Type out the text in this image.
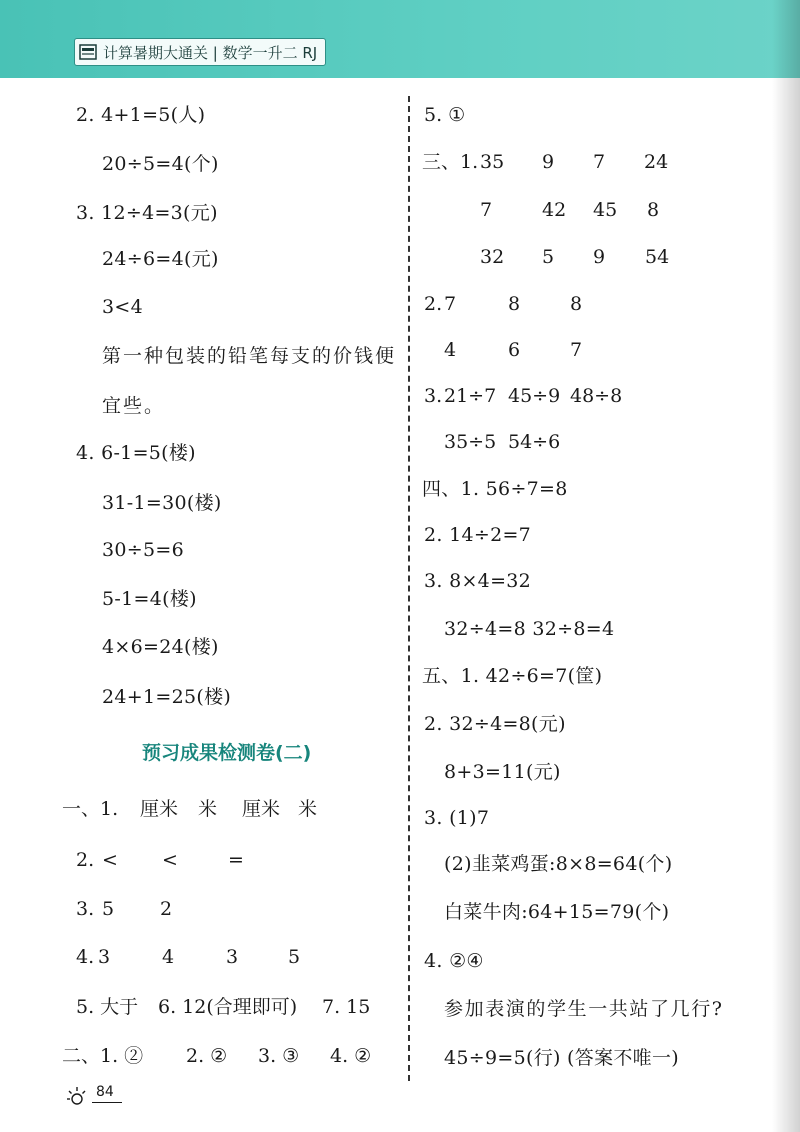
计算暑期大通关 | 数学一升二 RJ
2. 4+1=5(人)
20÷5=4(个)
3. 12÷4=3(元)
24÷6=4(元)
3<4
第一种包装的铅笔每支的价钱便
宜些。
4. 6-1=5(楼)
31-1=30(楼)
30÷5=6
5-1=4(楼)
4×6=24(楼)
24+1=25(楼)
预习成果检测卷(二)
一、1. 厘米 米 厘米 米
2. < <	=
3. 5 2
4. 3	4	3	5
5. 大于 6. 12(合理即可) 7. 15
二、1. ② 2. ② 3. ③ 4. ②
5. ①
三、1. 35 9 7 24
7	42 45 8
32 5 9 54
2. 7	8	8
4	6	7
3. 21÷7 45÷9 48÷8
35÷5 54÷6
四、1. 56÷7=8
2. 14÷2=7
3. 8×4=32
32÷4=8 32÷8=4
五、1. 42÷6=7(筐)
2. 32÷4=8(元)
8+3=11(元)
3. (1)7
(2)韭菜鸡蛋:8×8=64(个)
白菜牛肉:64+15=79(个)
4. ②④
参加表演的学生一共站了几行?
45÷9=5(行) (答案不唯一)
84
